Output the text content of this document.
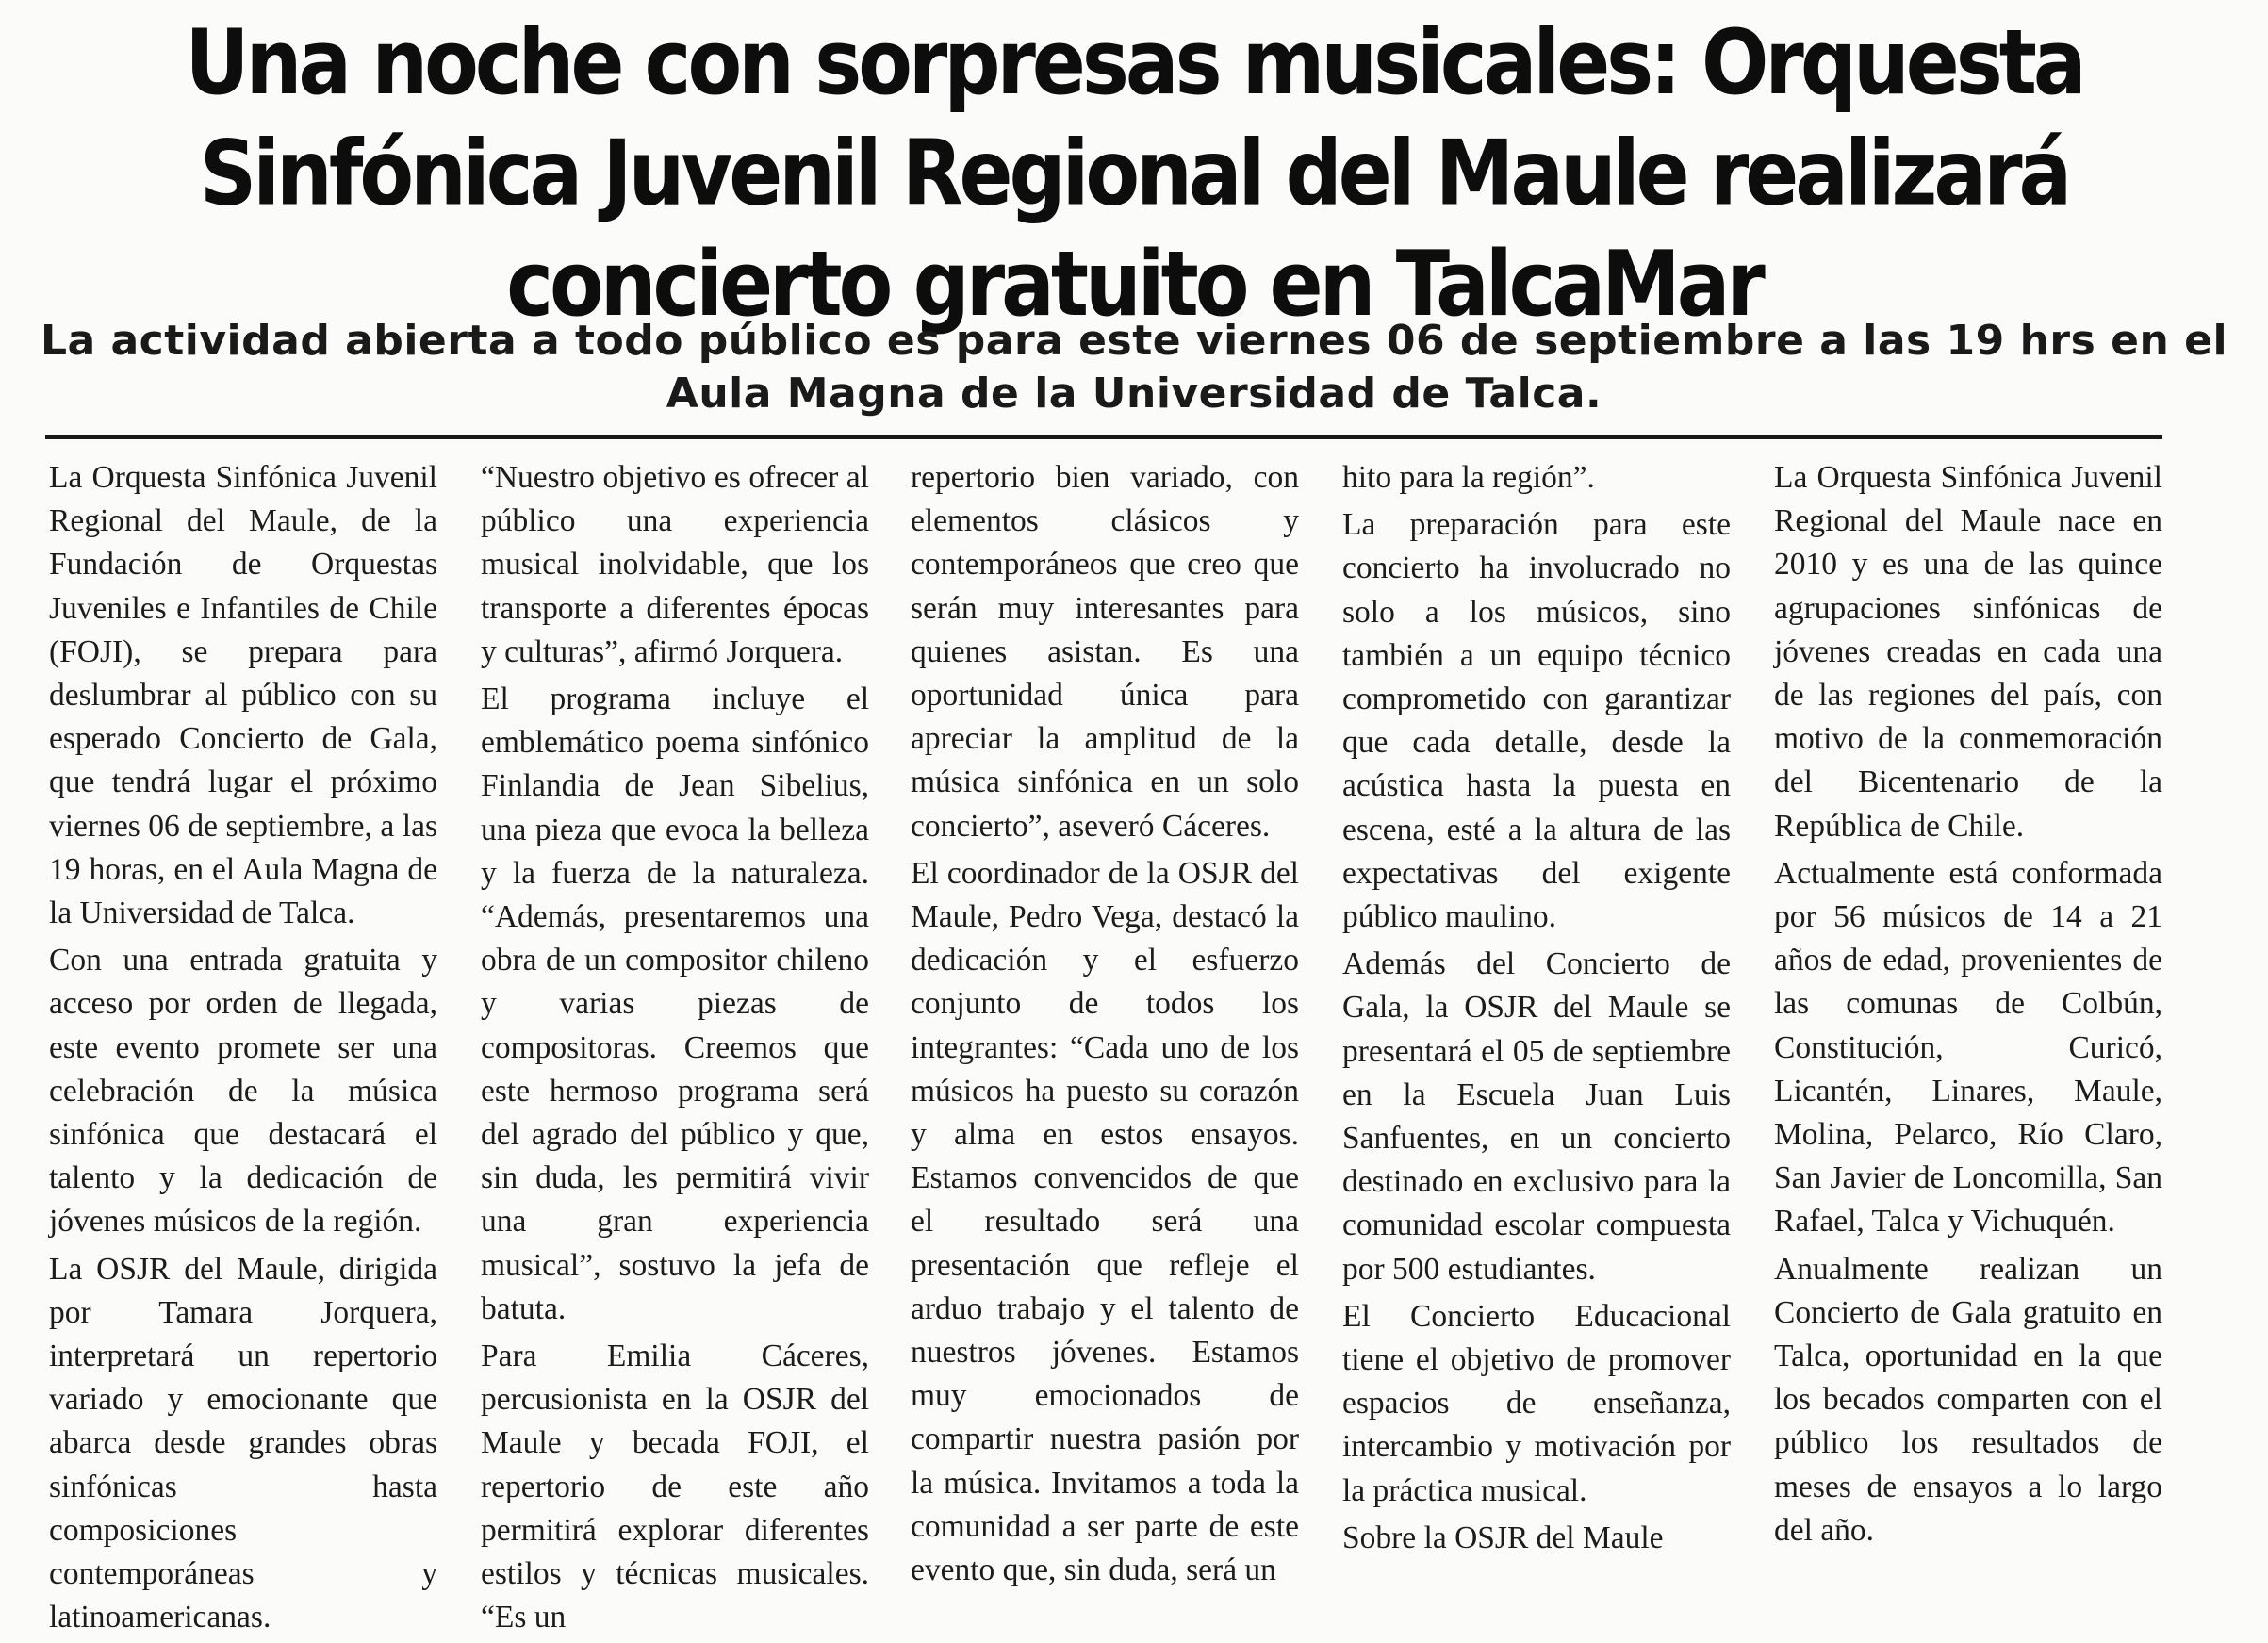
Una noche con sorpresas musicales: Orquesta Sinfónica Juvenil Regional del Maule realizará concierto gratuito en TalcaMar
La actividad abierta a todo público es para este viernes 06 de septiembre a las 19 hrs en el Aula Magna de la Universidad de Talca.

La Orquesta Sinfónica Juvenil Regional del Maule, de la Fundación de Orquestas Juveniles e Infantiles de Chile (FOJI), se prepara para deslumbrar al público con su esperado Concierto de Gala, que tendrá lugar el próximo viernes 06 de septiembre, a las 19 horas, en el Aula Magna de la Universidad de Talca.

Con una entrada gratuita y acceso por orden de llegada, este evento promete ser una celebración de la música sinfónica que destacará el talento y la dedicación de jóvenes músicos de la región.

La OSJR del Maule, dirigida por Tamara Jorquera, interpretará un repertorio variado y emocionante que abarca desde grandes obras sinfónicas hasta composiciones contemporáneas y latinoamericanas.

“Nuestro objetivo es ofrecer al público una experiencia musical inolvidable, que los transporte a diferentes épocas y culturas”, afirmó Jorquera.

El programa incluye el emblemático poema sinfónico Finlandia de Jean Sibelius, una pieza que evoca la belleza y la fuerza de la naturaleza. “Además, presentaremos una obra de un compositor chileno y varias piezas de compositoras. Creemos que este hermoso programa será del agrado del público y que, sin duda, les permitirá vivir una gran experiencia musical”, sostuvo la jefa de batuta.

Para Emilia Cáceres, percusionista en la OSJR del Maule y becada FOJI, el repertorio de este año permitirá explorar diferentes estilos y técnicas musicales. “Es un

repertorio bien variado, con elementos clásicos y contemporáneos que creo que serán muy interesantes para quienes asistan. Es una oportunidad única para apreciar la amplitud de la música sinfónica en un solo concierto”, aseveró Cáceres.

El coordinador de la OSJR del Maule, Pedro Vega, destacó la dedicación y el esfuerzo conjunto de todos los integrantes: “Cada uno de los músicos ha puesto su corazón y alma en estos ensayos. Estamos convencidos de que el resultado será una presentación que refleje el arduo trabajo y el talento de nuestros jóvenes. Estamos muy emocionados de compartir nuestra pasión por la música. Invitamos a toda la comunidad a ser parte de este evento que, sin duda, será un

hito para la región”.

La preparación para este concierto ha involucrado no solo a los músicos, sino también a un equipo técnico comprometido con garantizar que cada detalle, desde la acústica hasta la puesta en escena, esté a la altura de las expectativas del exigente público maulino.

Además del Concierto de Gala, la OSJR del Maule se presentará el 05 de septiembre en la Escuela Juan Luis Sanfuentes, en un concierto destinado en exclusivo para la comunidad escolar compuesta por 500 estudiantes.

El Concierto Educacional tiene el objetivo de promover espacios de enseñanza, intercambio y motivación por la práctica musical.

Sobre la OSJR del Maule

La Orquesta Sinfónica Juvenil Regional del Maule nace en 2010 y es una de las quince agrupaciones sinfónicas de jóvenes creadas en cada una de las regiones del país, con motivo de la conmemoración del Bicentenario de la República de Chile.

Actualmente está conformada por 56 músicos de 14 a 21 años de edad, provenientes de las comunas de Colbún, Constitución, Curicó, Licantén, Linares, Maule, Molina, Pelarco, Río Claro, San Javier de Loncomilla, San Rafael, Talca y Vichuquén.

Anualmente realizan un Concierto de Gala gratuito en Talca, oportunidad en la que los becados comparten con el público los resultados de meses de ensayos a lo largo del año.
